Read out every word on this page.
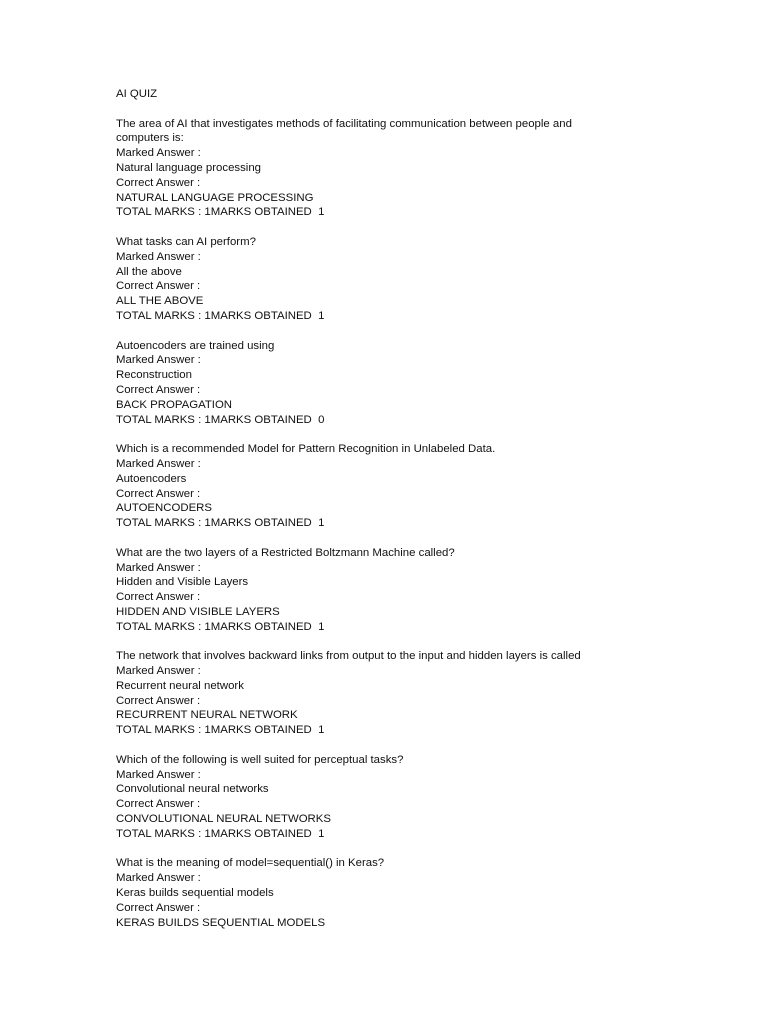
AI QUIZ
The area of AI that investigates methods of facilitating communication between people and
computers is:
Marked Answer :
Natural language processing
Correct Answer :
NATURAL LANGUAGE PROCESSING
TOTAL MARKS : 1MARKS OBTAINED  1
What tasks can AI perform?
Marked Answer :
All the above
Correct Answer :
ALL THE ABOVE
TOTAL MARKS : 1MARKS OBTAINED  1
Autoencoders are trained using
Marked Answer :
Reconstruction
Correct Answer :
BACK PROPAGATION
TOTAL MARKS : 1MARKS OBTAINED  0
Which is a recommended Model for Pattern Recognition in Unlabeled Data.
Marked Answer :
Autoencoders
Correct Answer :
AUTOENCODERS
TOTAL MARKS : 1MARKS OBTAINED  1
What are the two layers of a Restricted Boltzmann Machine called?
Marked Answer :
Hidden and Visible Layers
Correct Answer :
HIDDEN AND VISIBLE LAYERS
TOTAL MARKS : 1MARKS OBTAINED  1
The network that involves backward links from output to the input and hidden layers is called
Marked Answer :
Recurrent neural network
Correct Answer :
RECURRENT NEURAL NETWORK
TOTAL MARKS : 1MARKS OBTAINED  1
Which of the following is well suited for perceptual tasks?
Marked Answer :
Convolutional neural networks
Correct Answer :
CONVOLUTIONAL NEURAL NETWORKS
TOTAL MARKS : 1MARKS OBTAINED  1
What is the meaning of model=sequential() in Keras?
Marked Answer :
Keras builds sequential models
Correct Answer :
KERAS BUILDS SEQUENTIAL MODELS
